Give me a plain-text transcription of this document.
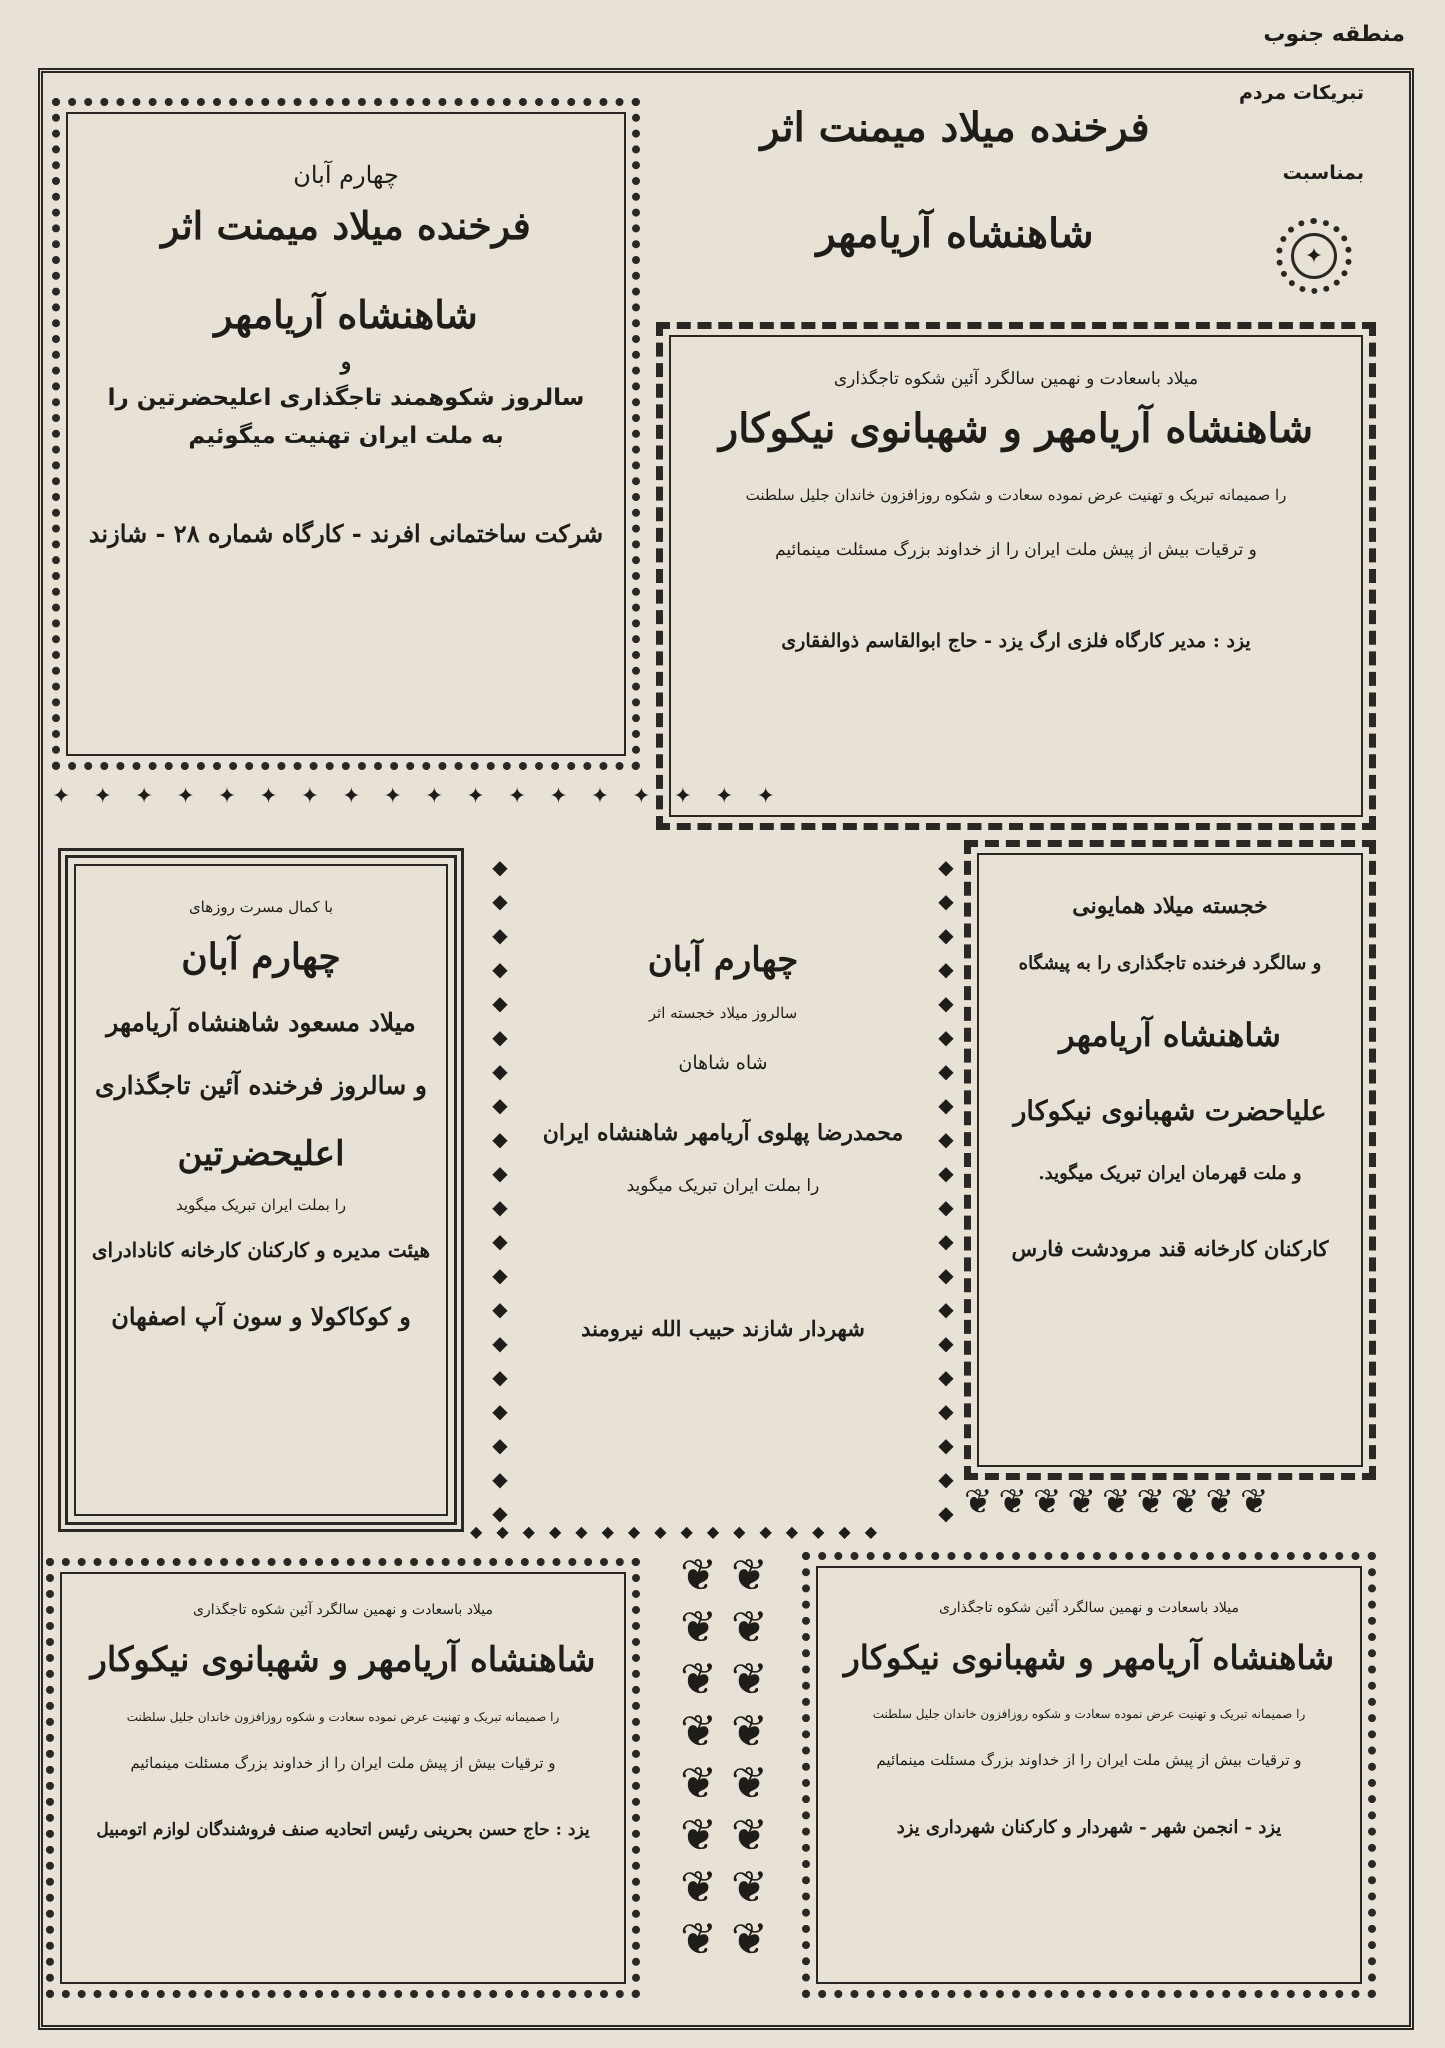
منطقه جنوب
تبریکات مردم
فرخنده میلاد میمنت اثر
بمناسبت
شاهنشاه آریامهر	✦
چهارم آبان
فرخنده میلاد میمنت اثر
شاهنشاه آریامهر
و
سالروز شکوهمند تاجگذاری اعلیحضرتین را
به ملت ایران تهنیت میگوئیم
شرکت ساختمانی افرند - کارگاه شماره ۲۸ - شازند
✦ ✦ ✦ ✦ ✦ ✦ ✦ ✦ ✦ ✦ ✦ ✦ ✦ ✦ ✦ ✦ ✦ ✦
میلاد باسعادت و نهمین سالگرد آئین شکوه تاجگذاری
شاهنشاه آریامهر و شهبانوی نیکوکار
را صمیمانه تبریک و تهنیت عرض نموده سعادت و شکوه روزافزون خاندان جلیل سلطنت
و ترقیات بیش از پیش ملت ایران را از خداوند بزرگ مسئلت مینمائیم
یزد : مدیر کارگاه فلزی ارگ یزد - حاج ابوالقاسم ذوالفقاری
با کمال مسرت روزهای
چهارم آبان
میلاد مسعود شاهنشاه آریامهر
و سالروز فرخنده آئین تاجگذاری
اعلیحضرتین
را بملت ایران تبریک میگوید
هیئت مدیره و کارکنان کارخانه کانادادرای
و کوکاکولا و سون آپ اصفهان
◆
◆
◆
◆
◆
◆
◆
◆
◆
◆
◆
◆
◆
◆
◆
◆
◆
◆
◆
◆
◆
◆
◆
◆
◆
◆
◆
◆
◆
◆
◆
◆
◆
◆
◆
◆
◆
◆
◆
◆
چهارم آبان
سالروز میلاد خجسته اثر
شاه شاهان
محمدرضا پهلوی آریامهر شاهنشاه ایران
را بملت ایران تبریک میگوید
شهردار شازند حبیب الله نیرومند
خجسته میلاد همایونی
و سالگرد فرخنده تاجگذاری را به پیشگاه
شاهنشاه آریامهر
علیاحضرت شهبانوی نیکوکار
و ملت قهرمان ایران تبریک میگوید.
کارکنان کارخانه قند مرودشت فارس
❦❦❦❦❦❦❦❦❦
◆◆◆◆◆◆◆◆◆◆◆◆◆◆◆◆
❦ ❦
❦ ❦
❦ ❦
❦ ❦
❦ ❦
❦ ❦
❦ ❦
❦ ❦
میلاد باسعادت و نهمین سالگرد آئین شکوه تاجگذاری
شاهنشاه آریامهر و شهبانوی نیکوکار
را صمیمانه تبریک و تهنیت عرض نموده سعادت و شکوه روزافزون خاندان جلیل سلطنت
و ترقیات بیش از پیش ملت ایران را از خداوند بزرگ مسئلت مینمائیم
یزد : حاج حسن بحرینی رئیس اتحادیه صنف فروشندگان لوازم اتومبیل
میلاد باسعادت و نهمین سالگرد آئین شکوه تاجگذاری
شاهنشاه آریامهر و شهبانوی نیکوکار
را صمیمانه تبریک و تهنیت عرض نموده سعادت و شکوه روزافزون خاندان جلیل سلطنت
و ترقیات بیش از پیش ملت ایران را از خداوند بزرگ مسئلت مینمائیم
یزد - انجمن شهر - شهردار و کارکنان شهرداری یزد
